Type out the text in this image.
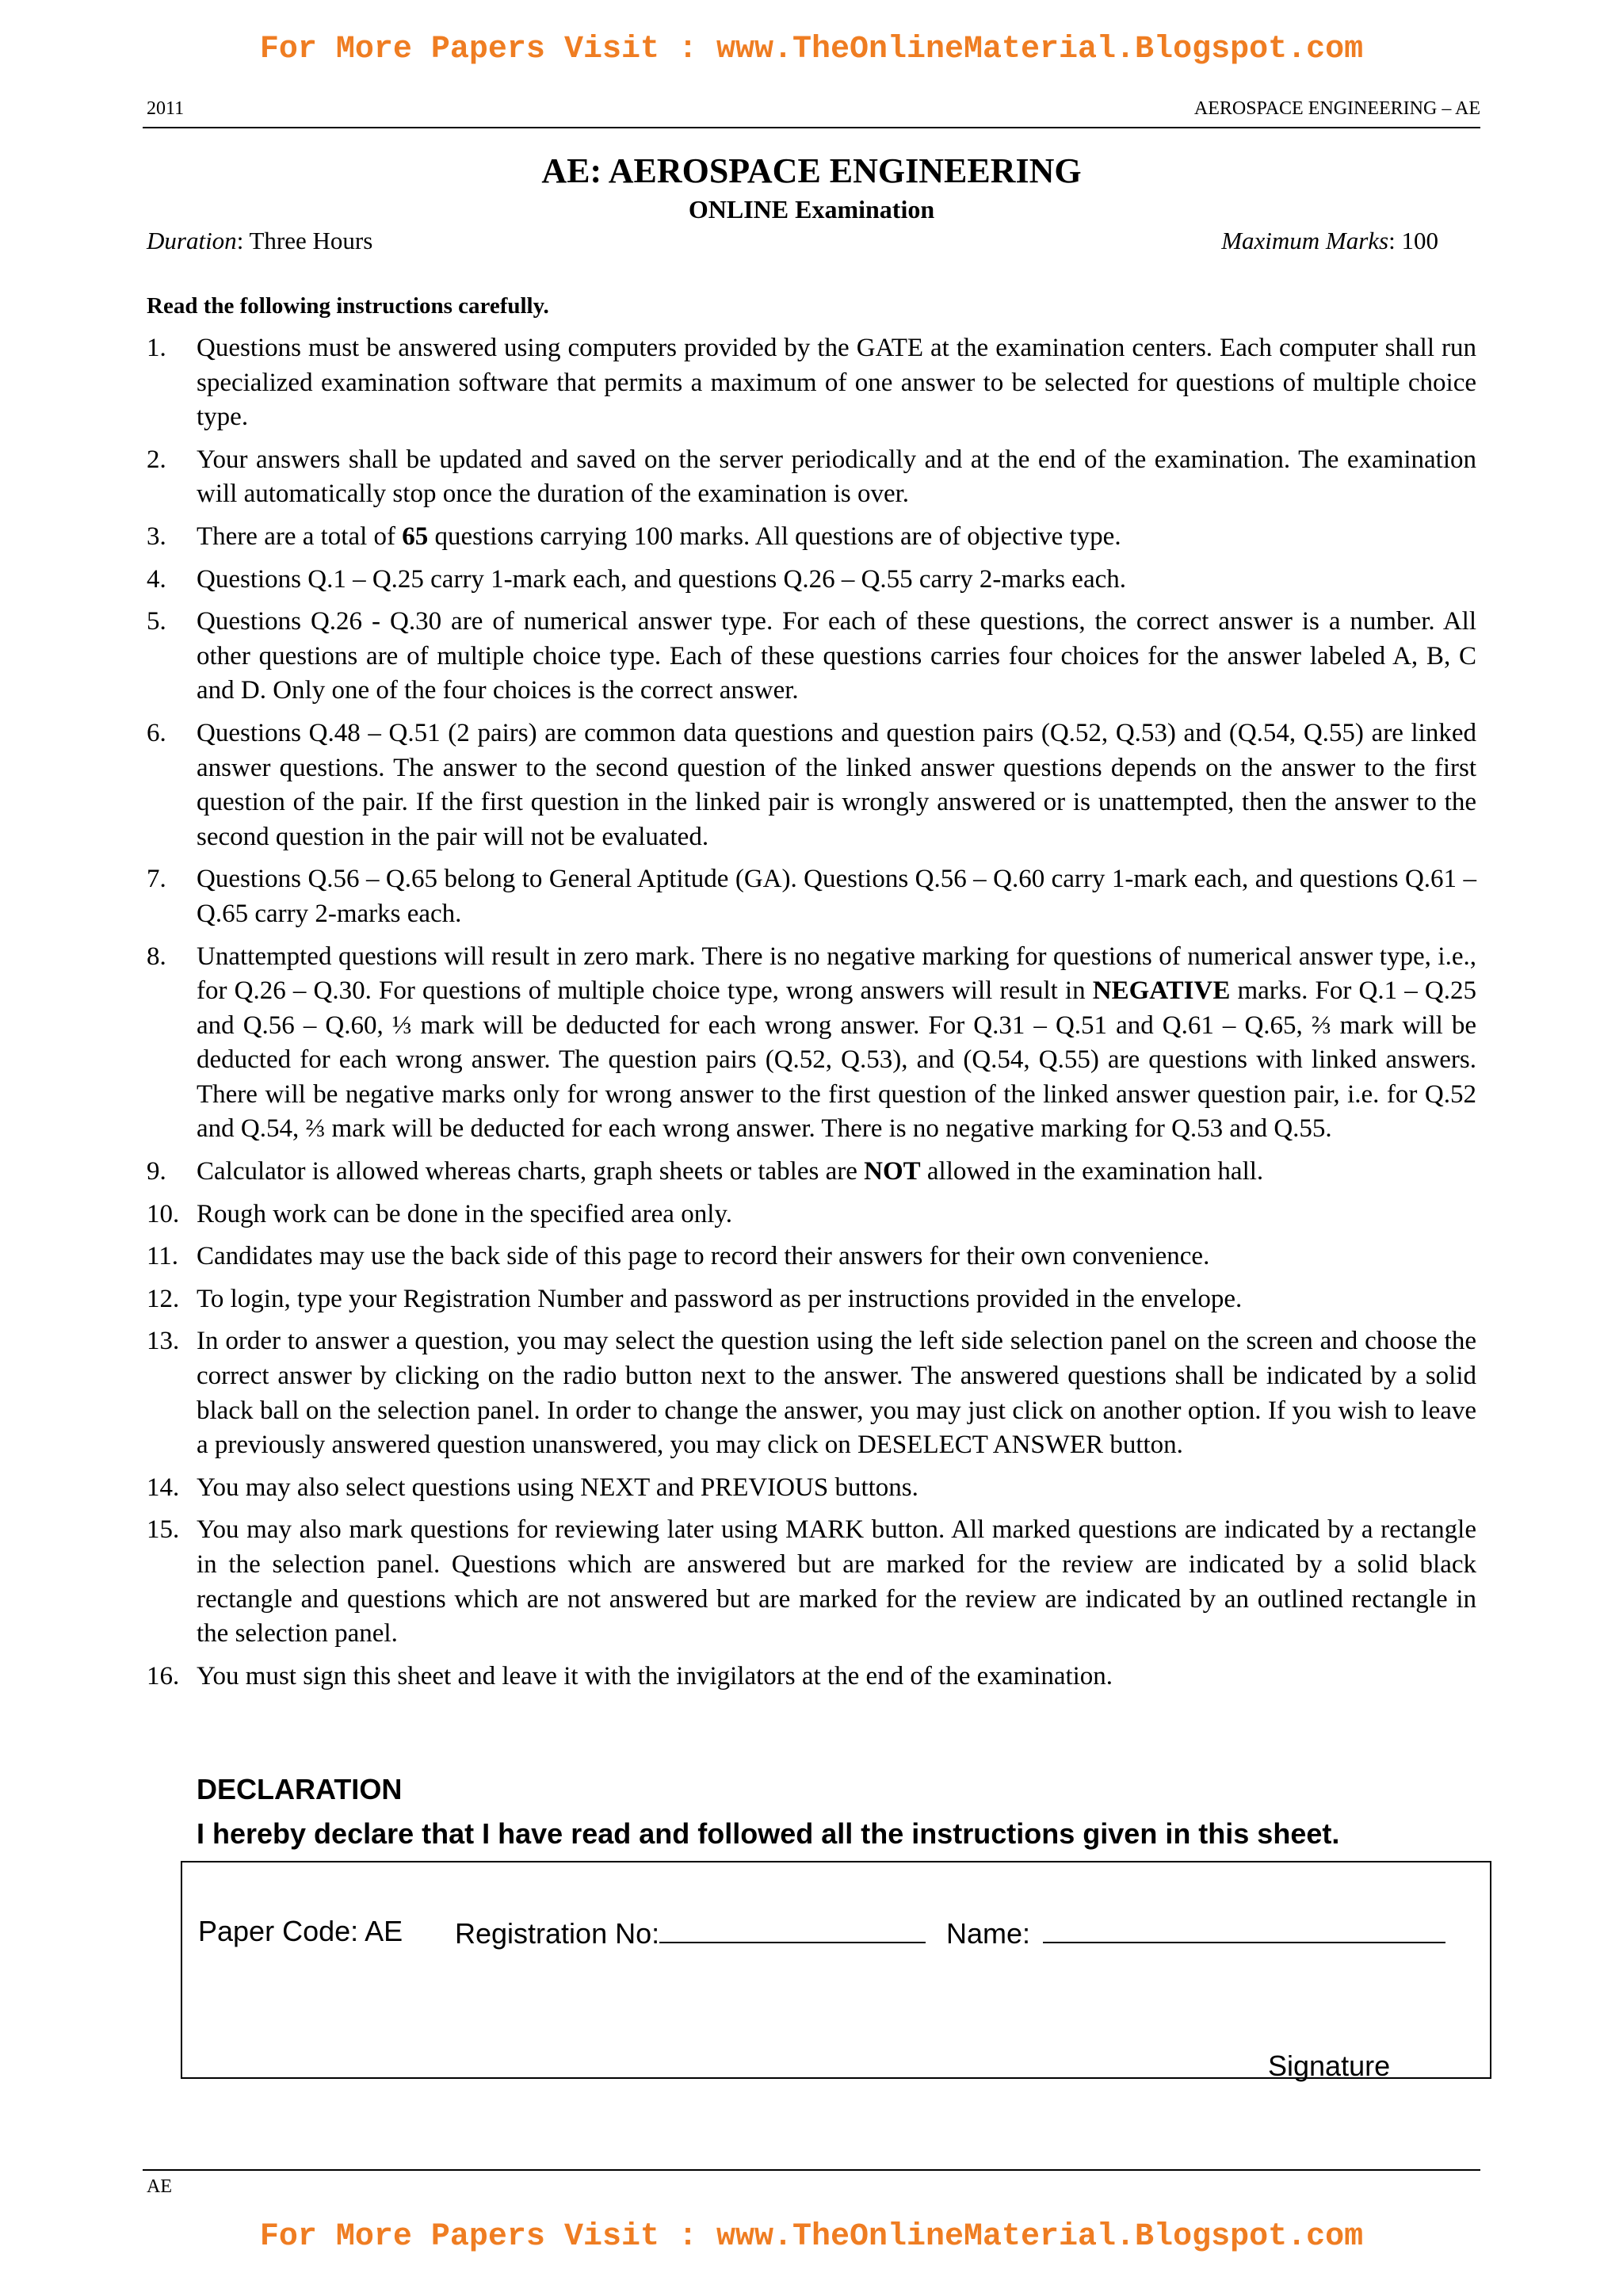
For More Papers Visit : www.TheOnlineMaterial.Blogspot.com
2011	AEROSPACE ENGINEERING – AE
AE: AEROSPACE ENGINEERING
ONLINE Examination
Duration: Three Hours	Maximum Marks: 100
Read the following instructions carefully.
1. Questions must be answered using computers provided by the GATE at the examination centers. Each computer shall run specialized examination software that permits a maximum of one answer to be selected for questions of multiple choice type.
2. Your answers shall be updated and saved on the server periodically and at the end of the examination. The examination will automatically stop once the duration of the examination is over.
3. There are a total of 65 questions carrying 100 marks. All questions are of objective type.
4. Questions Q.1 – Q.25 carry 1-mark each, and questions Q.26 – Q.55 carry 2-marks each.
5. Questions Q.26 - Q.30 are of numerical answer type. For each of these questions, the correct answer is a number. All other questions are of multiple choice type. Each of these questions carries four choices for the answer labeled A, B, C and D. Only one of the four choices is the correct answer.
6. Questions Q.48 – Q.51 (2 pairs) are common data questions and question pairs (Q.52, Q.53) and (Q.54, Q.55) are linked answer questions. The answer to the second question of the linked answer questions depends on the answer to the first question of the pair. If the first question in the linked pair is wrongly answered or is unattempted, then the answer to the second question in the pair will not be evaluated.
7. Questions Q.56 – Q.65 belong to General Aptitude (GA). Questions Q.56 – Q.60 carry 1-mark each, and questions Q.61 – Q.65 carry 2-marks each.
8. Unattempted questions will result in zero mark. There is no negative marking for questions of numerical answer type, i.e., for Q.26 – Q.30. For questions of multiple choice type, wrong answers will result in NEGATIVE marks. For Q.1 – Q.25 and Q.56 – Q.60, ⅓ mark will be deducted for each wrong answer. For Q.31 – Q.51 and Q.61 – Q.65, ⅔ mark will be deducted for each wrong answer. The question pairs (Q.52, Q.53), and (Q.54, Q.55) are questions with linked answers. There will be negative marks only for wrong answer to the first question of the linked answer question pair, i.e. for Q.52 and Q.54, ⅔ mark will be deducted for each wrong answer. There is no negative marking for Q.53 and Q.55.
9. Calculator is allowed whereas charts, graph sheets or tables are NOT allowed in the examination hall.
10. Rough work can be done in the specified area only.
11. Candidates may use the back side of this page to record their answers for their own convenience.
12. To login, type your Registration Number and password as per instructions provided in the envelope.
13. In order to answer a question, you may select the question using the left side selection panel on the screen and choose the correct answer by clicking on the radio button next to the answer. The answered questions shall be indicated by a solid black ball on the selection panel. In order to change the answer, you may just click on another option. If you wish to leave a previously answered question unanswered, you may click on DESELECT ANSWER button.
14. You may also select questions using NEXT and PREVIOUS buttons.
15. You may also mark questions for reviewing later using MARK button. All marked questions are indicated by a rectangle in the selection panel. Questions which are answered but are marked for the review are indicated by a solid black rectangle and questions which are not answered but are marked for the review are indicated by an outlined rectangle in the selection panel.
16. You must sign this sheet and leave it with the invigilators at the end of the examination.
DECLARATION
I hereby declare that I have read and followed all the instructions given in this sheet.
Paper Code: AE Registration No:	Name:
Signature
AE
For More Papers Visit : www.TheOnlineMaterial.Blogspot.com
